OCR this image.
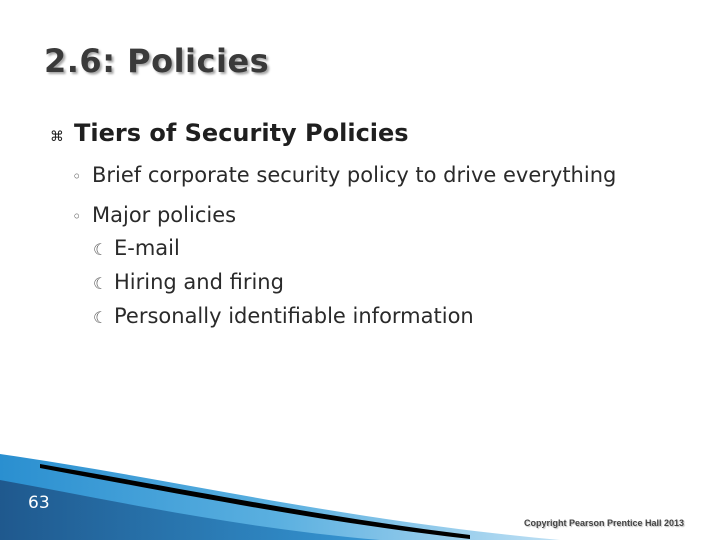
2.6: Policies
⌘ Tiers of Security Policies
◦ Brief corporate security policy to drive everything
◦ Major policies
☾ E-mail
☾ Hiring and firing
☾ Personally identifiable information
63
Copyright Pearson Prentice Hall 2013
